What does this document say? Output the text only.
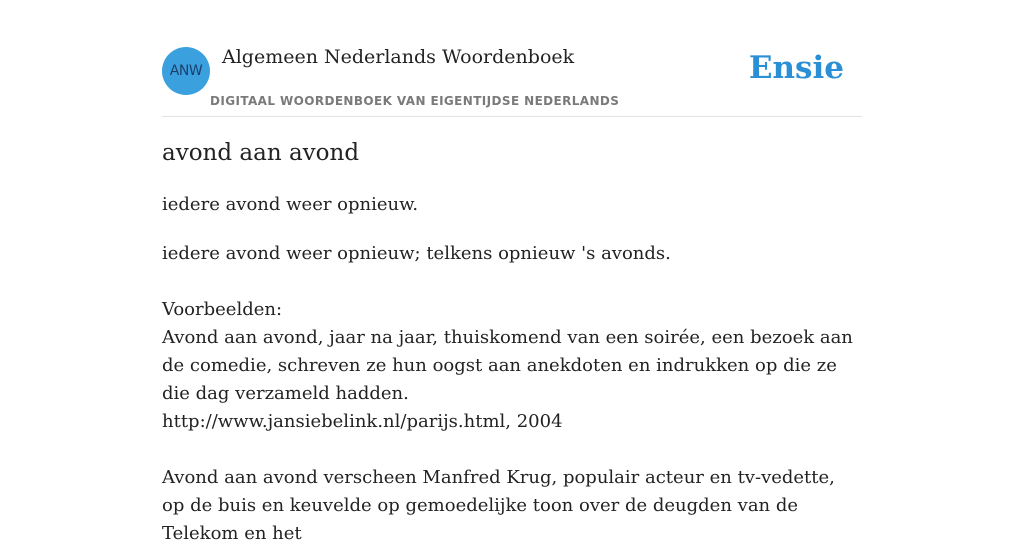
ANW
Algemeen Nederlands Woordenboek
DIGITAAL WOORDENBOEK VAN EIGENTIJDSE NEDERLANDS
Ensie
avond aan avond
iedere avond weer opnieuw.

iedere avond weer opnieuw; telkens opnieuw 's avonds.

Voorbeelden:

Avond aan avond, jaar na jaar, thuiskomend van een soirée, een bezoek aan de comedie, schreven ze hun oogst aan anekdoten en indrukken op die ze die dag verzameld hadden.

http://www.jansiebelink.nl/parijs.html, 2004

Avond aan avond verscheen Manfred Krug, populair acteur en tv-vedette, op de buis en keuvelde op gemoedelijke toon over de deugden van de Telekom en het
